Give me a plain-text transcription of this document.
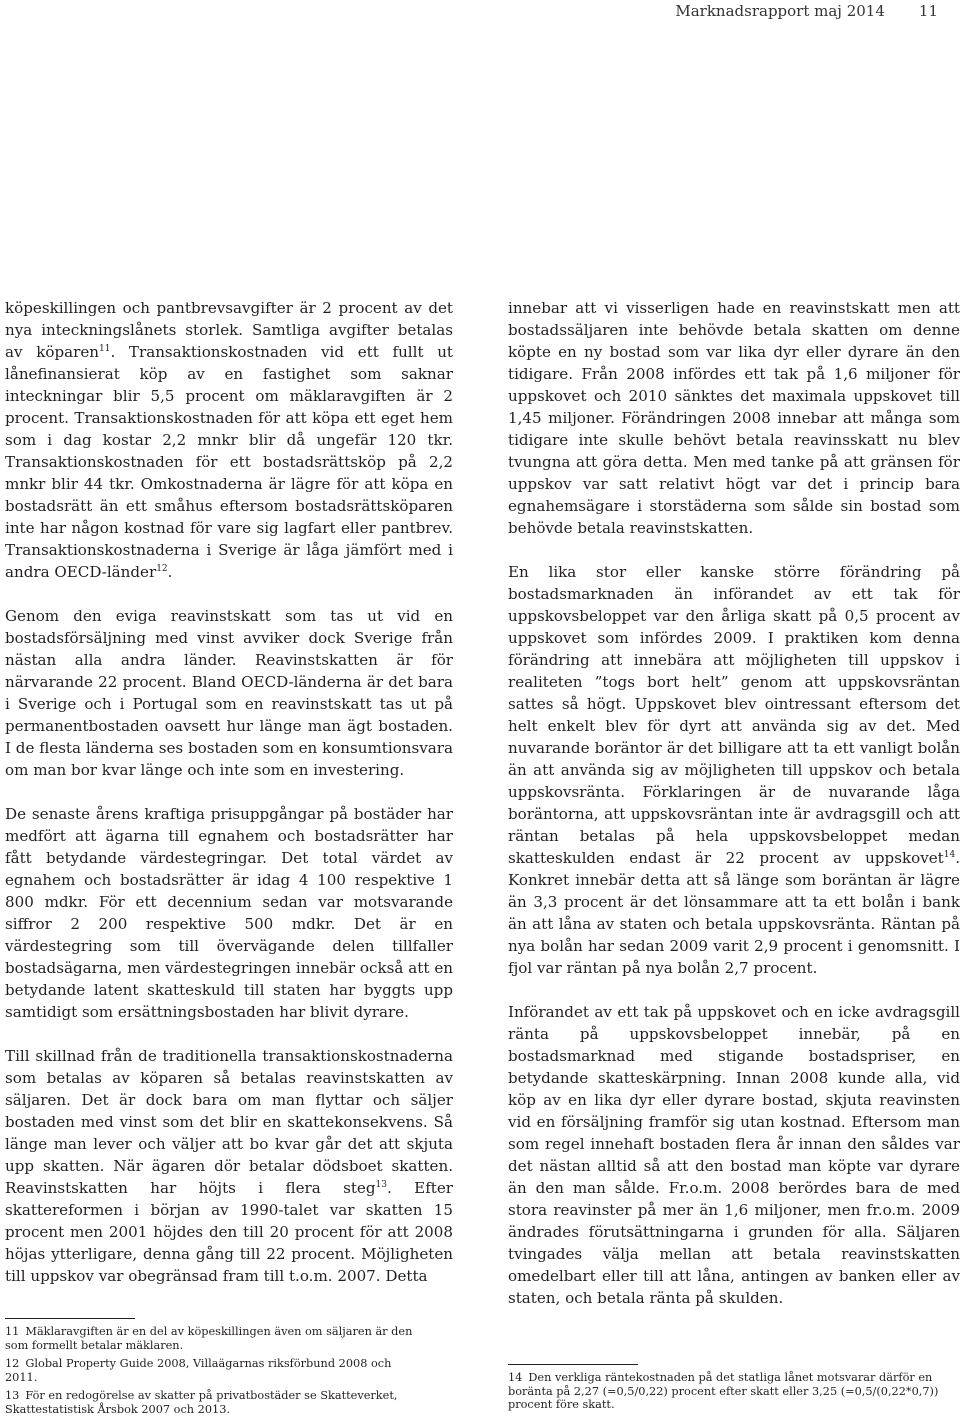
Marknadsrapport maj 2014 11

köpeskillingen och pantbrevsavgifter är 2 procent av det nya inteckningslånets storlek. Samtliga avgifter betalas av köparen$^{11}$. Transaktionskostnaden vid ett fullt ut lånefinansierat köp av en fastighet som saknar inteckningar blir 5,5 procent om mäklaravgiften är 2 procent. Transaktionskostnaden för att köpa ett eget hem som i dag kostar 2,2 mnkr blir då ungefär 120 tkr. Transaktionskostnaden för ett bostadsrättsköp på 2,2 mnkr blir 44 tkr. Omkostnaderna är lägre för att köpa en bostadsrätt än ett småhus eftersom bostadsrättsköparen inte har någon kostnad för vare sig lagfart eller pantbrev. Transaktionskostnaderna i Sverige är låga jämfört med i andra OECD-länder$^{12}$.

Genom den eviga reavinstskatt som tas ut vid en bostadsförsäljning med vinst avviker dock Sverige från nästan alla andra länder. Reavinstskatten är för närvarande 22 procent. Bland OECD-länderna är det bara i Sverige och i Portugal som en reavinstskatt tas ut på permanentbostaden oavsett hur länge man ägt bostaden. I de flesta länderna ses bostaden som en konsumtionsvara om man bor kvar länge och inte som en investering.

De senaste årens kraftiga prisuppgångar på bostäder har medfört att ägarna till egnahem och bostadsrätter har fått betydande värdestegringar. Det total värdet av egnahem och bostadsrätter är idag 4 100 respektive 1 800 mdkr. För ett decennium sedan var motsvarande siffror 2 200 respektive 500 mdkr. Det är en värdestegring som till övervägande delen tillfaller bostadsägarna, men värdestegringen innebär också att en betydande latent skatteskuld till staten har byggts upp samtidigt som ersättningsbostaden har blivit dyrare.

Till skillnad från de traditionella transaktionskostnaderna som betalas av köparen så betalas reavinstskatten av säljaren. Det är dock bara om man flyttar och säljer bostaden med vinst som det blir en skattekonsekvens. Så länge man lever och väljer att bo kvar går det att skjuta upp skatten. När ägaren dör betalar dödsboet skatten. Reavinstskatten har höjts i flera steg$^{13}$. Efter skattereformen i början av 1990-talet var skatten 15 procent men 2001 höjdes den till 20 procent för att 2008 höjas ytterligare, denna gång till 22 procent. Möjligheten till uppskov var obegränsad fram till t.o.m. 2007. Detta

innebar att vi visserligen hade en reavinstskatt men att bostadssäljaren inte behövde betala skatten om denne köpte en ny bostad som var lika dyr eller dyrare än den tidigare. Från 2008 infördes ett tak på 1,6 miljoner för uppskovet och 2010 sänktes det maximala uppskovet till 1,45 miljoner. Förändringen 2008 innebar att många som tidigare inte skulle behövt betala reavinsskatt nu blev tvungna att göra detta. Men med tanke på att gränsen för uppskov var satt relativt högt var det i princip bara egnahemsägare i storstäderna som sålde sin bostad som behövde betala reavinstskatten.

En lika stor eller kanske större förändring på bostadsmarknaden än införandet av ett tak för uppskovsbeloppet var den årliga skatt på 0,5 procent av uppskovet som infördes 2009. I praktiken kom denna förändring att innebära att möjligheten till uppskov i realiteten ”togs bort helt” genom att uppskovsräntan sattes så högt. Uppskovet blev ointressant eftersom det helt enkelt blev för dyrt att använda sig av det. Med nuvarande boräntor är det billigare att ta ett vanligt bolån än att använda sig av möjligheten till uppskov och betala uppskovsränta. Förklaringen är de nuvarande låga boräntorna, att uppskovsräntan inte är avdragsgill och att räntan betalas på hela uppskovsbeloppet medan skatteskulden endast är 22 procent av uppskovet$^{14}$. Konkret innebär detta att så länge som boräntan är lägre än 3,3 procent är det lönsammare att ta ett bolån i bank än att låna av staten och betala uppskovsränta. Räntan på nya bolån har sedan 2009 varit 2,9 procent i genomsnitt. I fjol var räntan på nya bolån 2,7 procent.

Införandet av ett tak på uppskovet och en icke avdragsgill ränta på uppskovsbeloppet innebär, på en bostadsmarknad med stigande bostadspriser, en betydande skatteskärpning. Innan 2008 kunde alla, vid köp av en lika dyr eller dyrare bostad, skjuta reavinsten vid en försäljning framför sig utan kostnad. Eftersom man som regel innehaft bostaden flera år innan den såldes var det nästan alltid så att den bostad man köpte var dyrare än den man sålde. Fr.o.m. 2008 berördes bara de med stora reavinster på mer än 1,6 miljoner, men fr.o.m. 2009 ändrades förutsättningarna i grunden för alla. Säljaren tvingades välja mellan att betala reavinstskatten omedelbart eller till att låna, antingen av banken eller av staten, och betala ränta på skulden.

11 Mäklaravgiften är en del av köpeskillingen även om säljaren är den som formellt betalar mäklaren.
12 Global Property Guide 2008, Villaägarnas riksförbund 2008 och 2011.
13 För en redogörelse av skatter på privatbostäder se Skatteverket, Skattestatistisk Årsbok 2007 och 2013.
14 Den verkliga räntekostnaden på det statliga lånet motsvarar därför en boränta på 2,27 (=0,5/0,22) procent efter skatt eller 3,25 (=0,5/(0,22*0,7)) procent före skatt.
